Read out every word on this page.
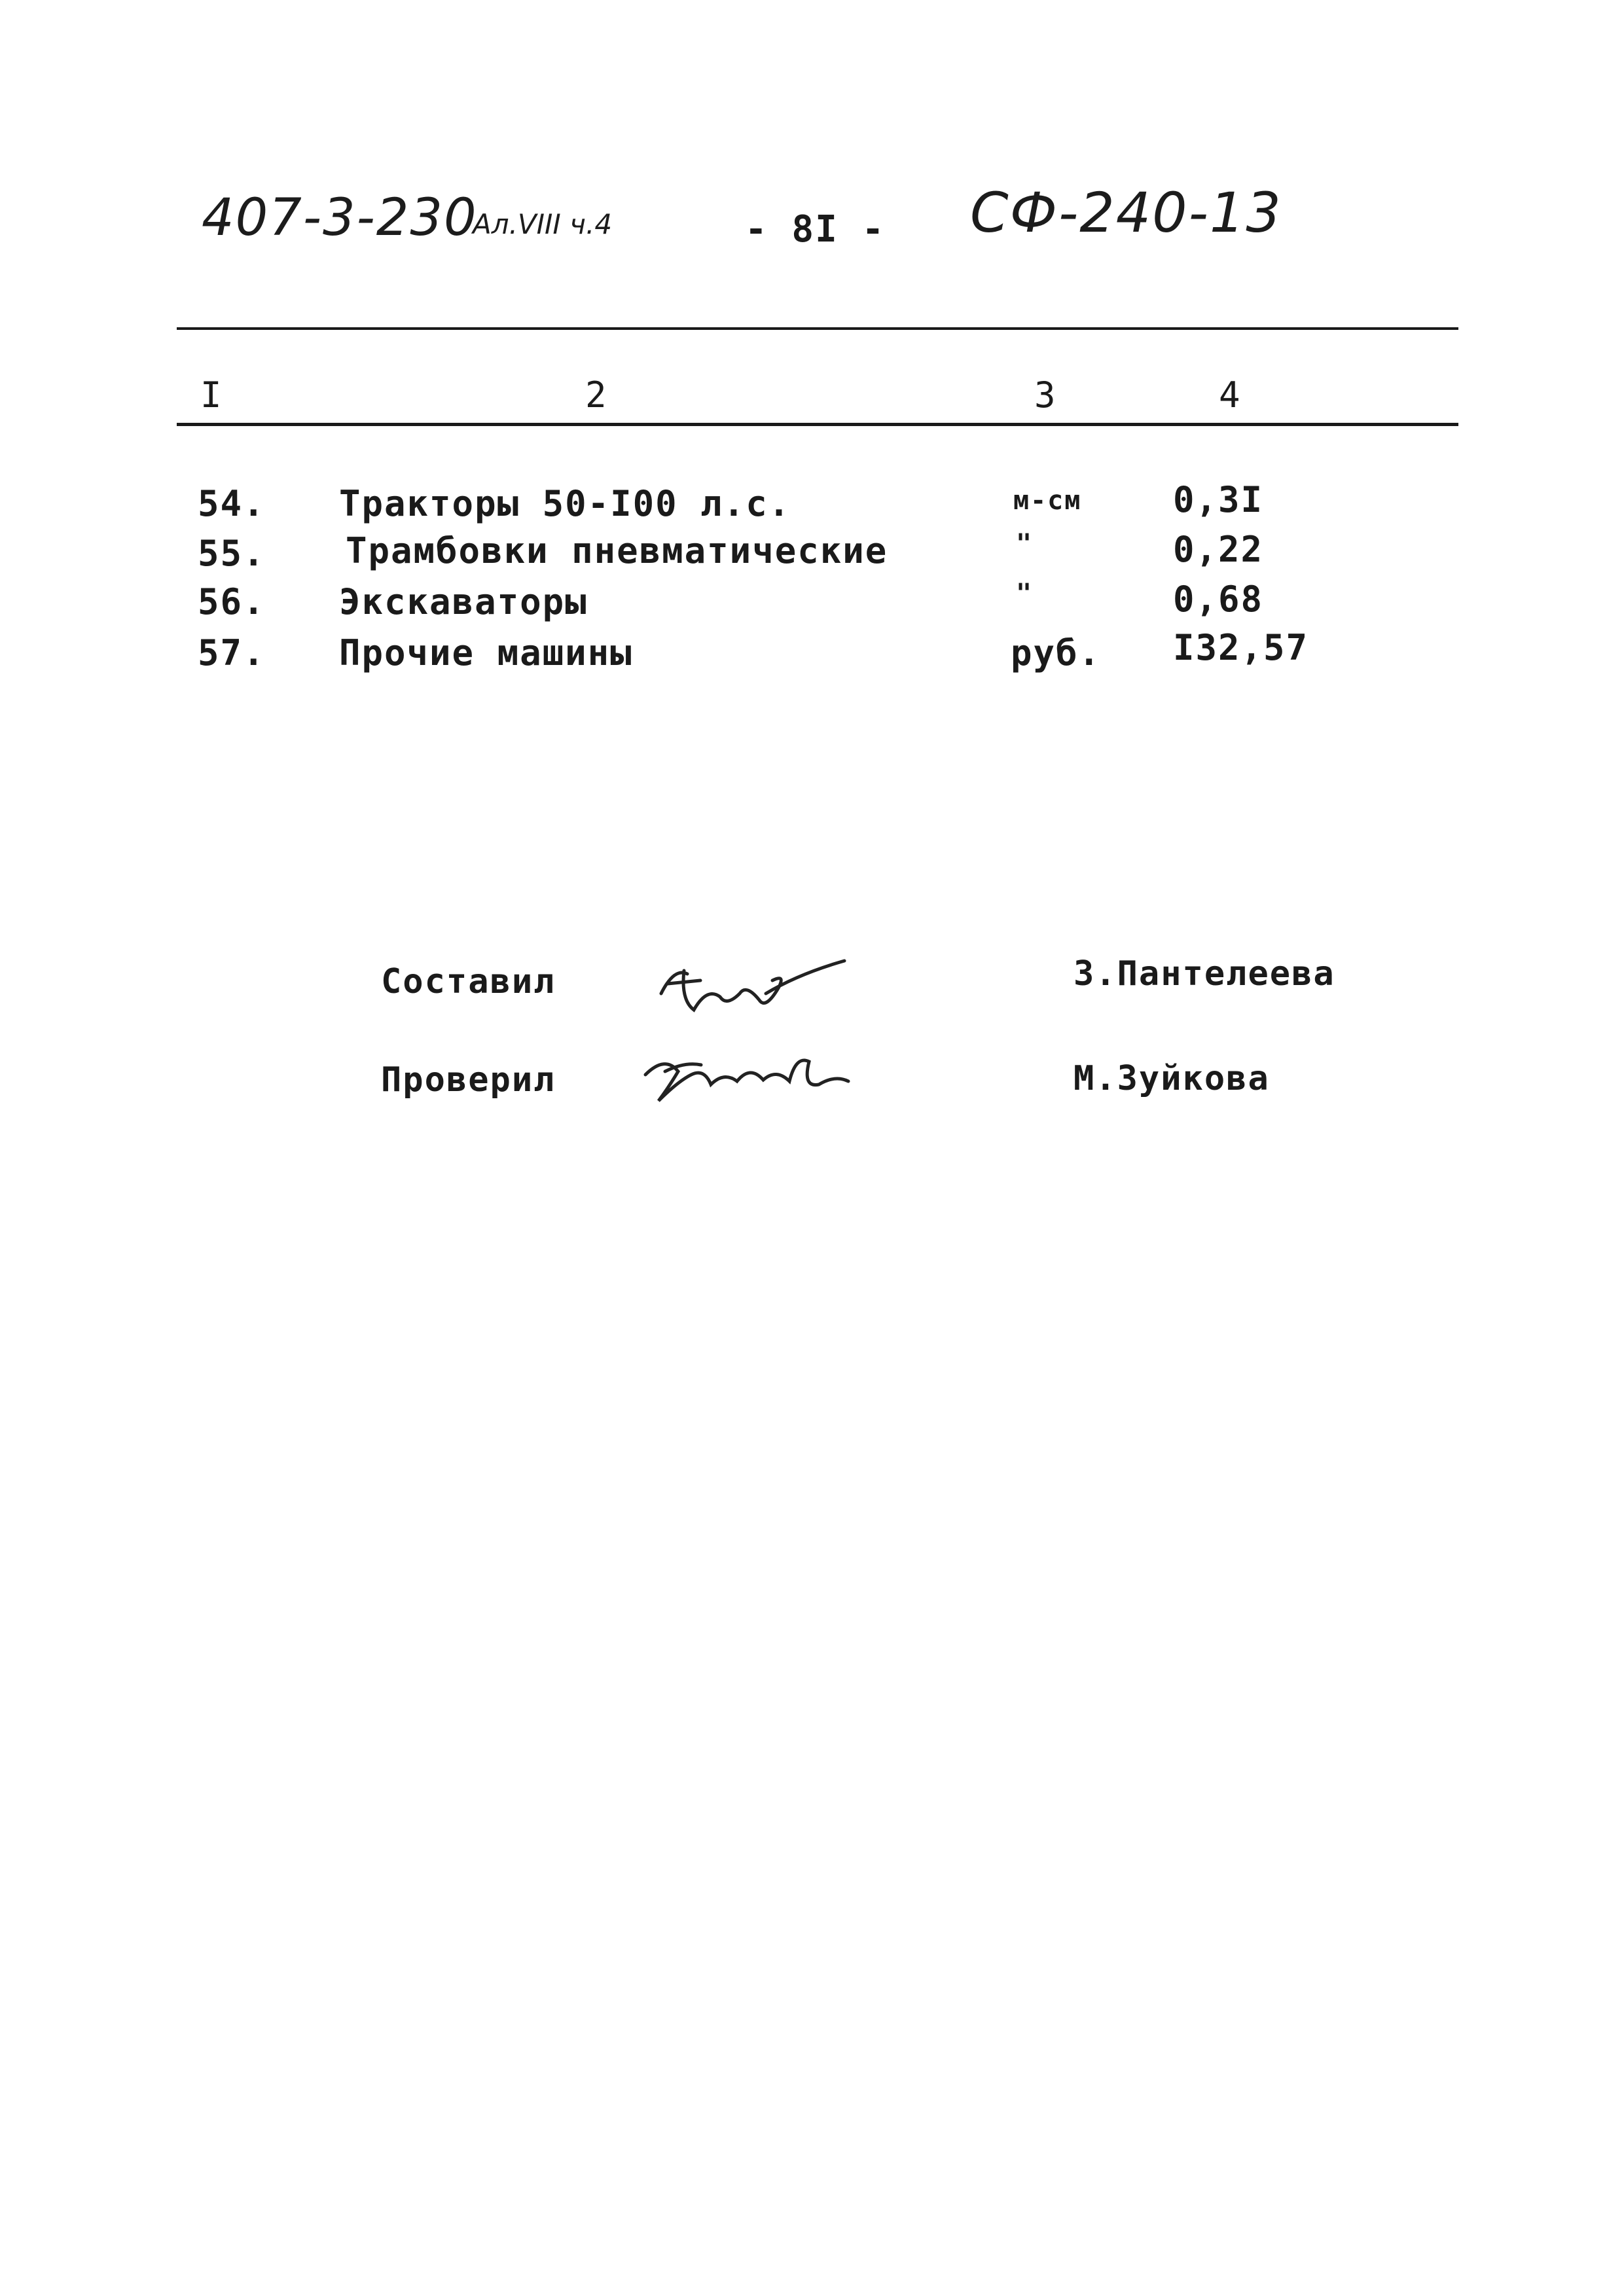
407-3-230
Ал.VIII ч.4	- 8I - СФ-240-13
I	2	3	4
54. Тракторы 50-I00 л.с.	м-см	0,3I
55. Трамбовки пневматические	"	0,22
56. Экскаваторы	"	0,68
57. Прочие машины	руб. I32,57
Составил	З.Пантелеева
Проверил	М.Зуйкова
